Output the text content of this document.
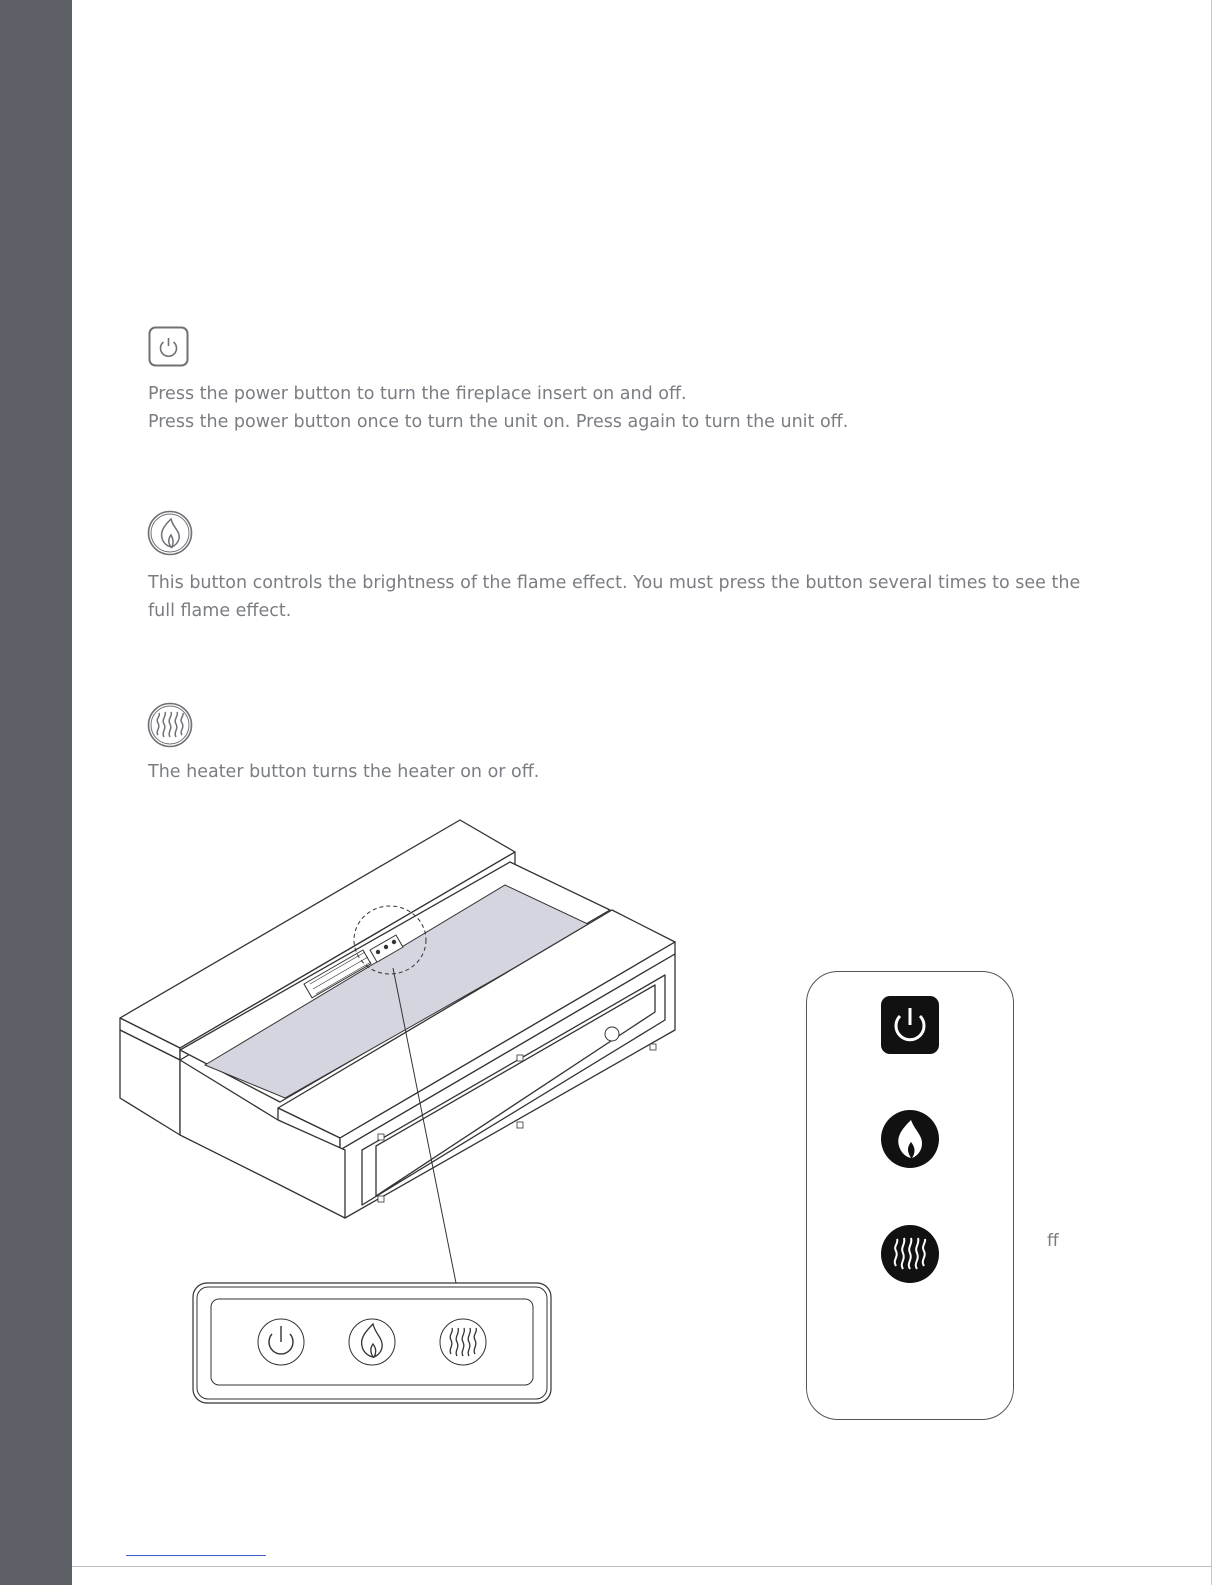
Press the power button to turn the fireplace insert on and off.
Press the power button once to turn the unit on. Press again to turn the unit off.

This button controls the brightness of the flame effect. You must press the button several times to see the
full flame effect.

The heater button turns the heater on or off.

ff
